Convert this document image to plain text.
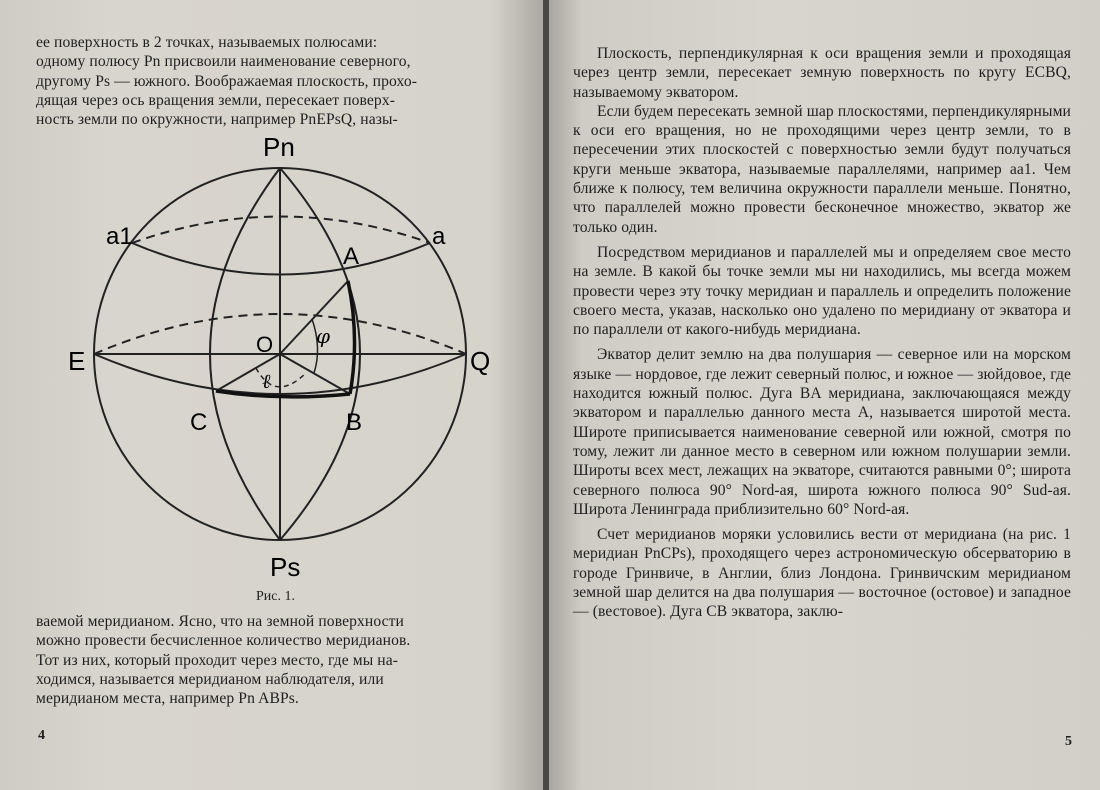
ее поверхность в 2 точках, называемых полюсами:

одному полюсу Pn присвоили наименование северного,

другому Ps — южного. Воображаемая плоскость, прохо-

дящая через ось вращения земли, пересекает поверх-

ность земли по окружности, например PnEPsQ, назы-

Pn
Ps
E	Q
a1	a
A
O
B
C
φ
ℓ
Рис. 1.

ваемой меридианом. Ясно, что на земной поверхности

можно провести бесчисленное количество меридианов.

Тот из них, который проходит через место, где мы на-

ходимся, называется меридианом наблюдателя, или

меридианом места, например Pn ABPs.

4

Плоскость, перпендикулярная к оси вращения земли и проходящая через центр земли, пересекает земную поверхность по кругу ECBQ, называемому экватором.

Если будем пересекать земной шар плоскостями, перпендикулярными к оси его вращения, но не проходящими через центр земли, то в пересечении этих плоскостей с поверхностью земли будут получаться круги меньше экватора, называемые параллелями, например aa1. Чем ближе к полюсу, тем величина окружности параллели меньше. Понятно, что параллелей можно провести бесконечное множество, экватор же только один.

Посредством меридианов и параллелей мы и определяем свое место на земле. В какой бы точке земли мы ни находились, мы всегда можем провести через эту точку меридиан и параллель и определить положение своего места, указав, насколько оно удалено по меридиану от экватора и по параллели от какого-нибудь меридиана.

Экватор делит землю на два полушария — северное или на морском языке — нордовое, где лежит северный полюс, и южное — зюйдовое, где находится южный полюс. Дуга BA меридиана, заключающаяся между экватором и параллелью данного места A, называется широтой места. Широте приписывается наименование северной или южной, смотря по тому, лежит ли данное место в северном или южном полушарии земли. Широты всех мест, лежащих на экваторе, считаются равными 0°; широта северного полюса 90° Nord-ая, широта южного полюса 90° Sud-ая. Широта Ленинграда приблизительно 60° Nord-ая.

Счет меридианов моряки условились вести от меридиана (на рис. 1 меридиан PnCPs), проходящего через астрономическую обсерваторию в городе Гринвиче, в Англии, близ Лондона. Гринвичским меридианом земной шар делится на два полушария — восточное (остовое) и западное — (вестовое). Дуга CB экватора, заклю-

5
